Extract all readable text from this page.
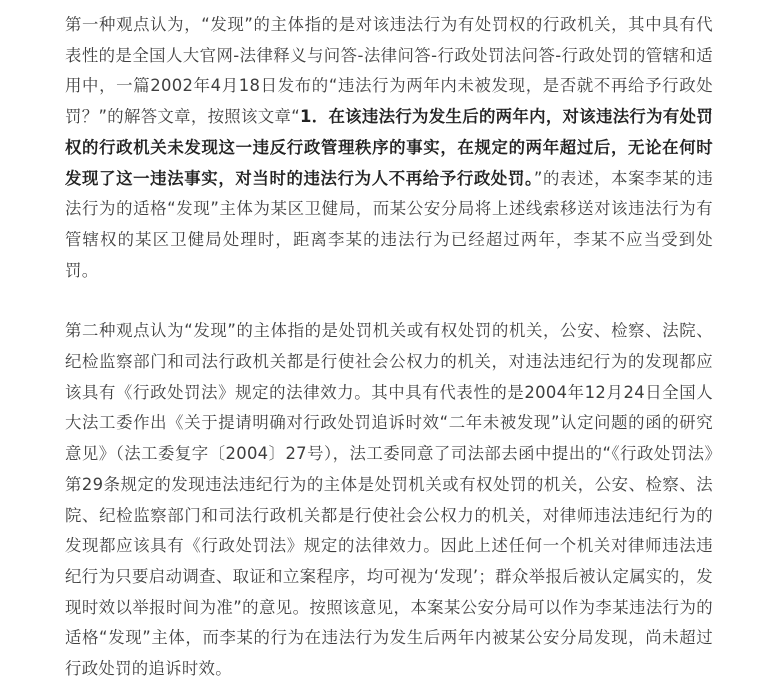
第一种观点认为，“发现”的主体指的是对该违法行为有处罚权的行政机关，其中具有代表性的是全国人大官网-法律释义与问答-法律问答-行政处罚法问答-行政处罚的管辖和适用中，一篇2002年4月18日发布的“违法行为两年内未被发现，是否就不再给予行政处罚？”的解答文章，按照该文章“1．在该违法行为发生后的两年内，对该违法行为有处罚权的行政机关未发现这一违反行政管理秩序的事实，在规定的两年超过后，无论在何时发现了这一违法事实，对当时的违法行为人不再给予行政处罚。”的表述，本案李某的违法行为的适格“发现”主体为某区卫健局，而某公安分局将上述线索移送对该违法行为有管辖权的某区卫健局处理时，距离李某的违法行为已经超过两年，李某不应当受到处罚。

第二种观点认为“发现”的主体指的是处罚机关或有权处罚的机关，公安、检察、法院、纪检监察部门和司法行政机关都是行使社会公权力的机关，对违法违纪行为的发现都应该具有《行政处罚法》规定的法律效力。其中具有代表性的是2004年12月24日全国人大法工委作出《关于提请明确对行政处罚追诉时效“二年未被发现”认定问题的函的研究意见》（法工委复字〔2004〕27号），法工委同意了司法部去函中提出的“《行政处罚法》第29条规定的发现违法违纪行为的主体是处罚机关或有权处罚的机关，公安、检察、法院、纪检监察部门和司法行政机关都是行使社会公权力的机关，对律师违法违纪行为的发现都应该具有《行政处罚法》规定的法律效力。因此上述任何一个机关对律师违法违纪行为只要启动调查、取证和立案程序，均可视为‘发现’；群众举报后被认定属实的，发现时效以举报时间为准”的意见。按照该意见，本案某公安分局可以作为李某违法行为的适格“发现”主体，而李某的行为在违法行为发生后两年内被某公安分局发现，尚未超过行政处罚的追诉时效。
